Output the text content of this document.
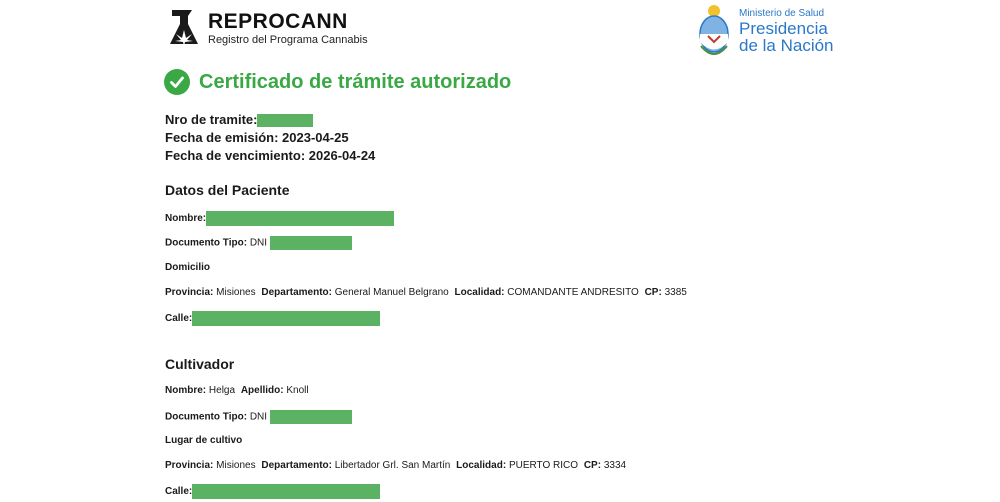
REPROCANN
Registro del Programa Cannabis
Ministerio de Salud
Presidencia
de la Nación
Certificado de trámite autorizado
Nro de tramite:
Fecha de emisión: 2023-04-25
Fecha de vencimiento: 2026-04-24
Datos del Paciente
Nombre:
Documento Tipo: DNI
Domicilio
Provincia: Misiones Departamento: General Manuel Belgrano Localidad: COMANDANTE ANDRESITO CP: 3385
Calle:
Cultivador
Nombre: Helga Apellido: Knoll
Documento Tipo: DNI
Lugar de cultivo
Provincia: Misiones Departamento: Libertador Grl. San Martín Localidad: PUERTO RICO CP: 3334
Calle:
